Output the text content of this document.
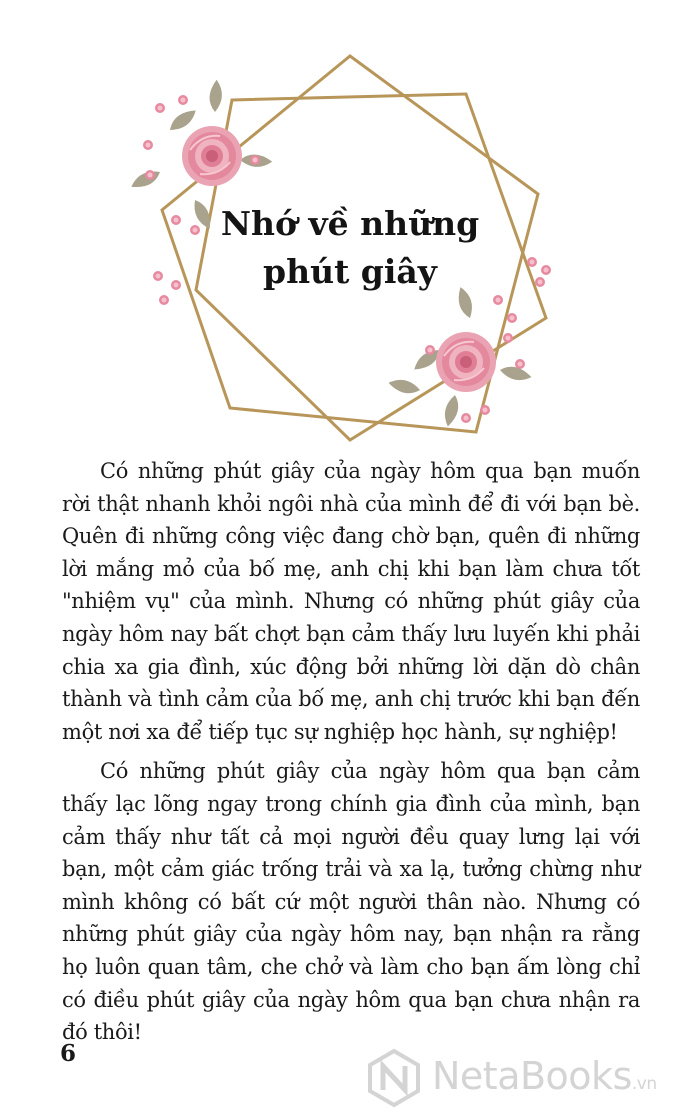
Nhớ về những
phút giây

Có những phút giây của ngày hôm qua bạn muốn rời thật nhanh khỏi ngôi nhà của mình để đi với bạn bè. Quên đi những công việc đang chờ bạn, quên đi những lời mắng mỏ của bố mẹ, anh chị khi bạn làm chưa tốt "nhiệm vụ" của mình. Nhưng có những phút giây của ngày hôm nay bất chợt bạn cảm thấy lưu luyến khi phải chia xa gia đình, xúc động bởi những lời dặn dò chân thành và tình cảm của bố mẹ, anh chị trước khi bạn đến một nơi xa để tiếp tục sự nghiệp học hành, sự nghiệp!

Có những phút giây của ngày hôm qua bạn cảm thấy lạc lõng ngay trong chính gia đình của mình, bạn cảm thấy như tất cả mọi người đều quay lưng lại với bạn, một cảm giác trống trải và xa lạ, tưởng chừng như mình không có bất cứ một người thân nào. Nhưng có những phút giây của ngày hôm nay, bạn nhận ra rằng họ luôn quan tâm, che chở và làm cho bạn ấm lòng chỉ có điều phút giây của ngày hôm qua bạn chưa nhận ra đó thôi!

6
NetaBooks.vn
